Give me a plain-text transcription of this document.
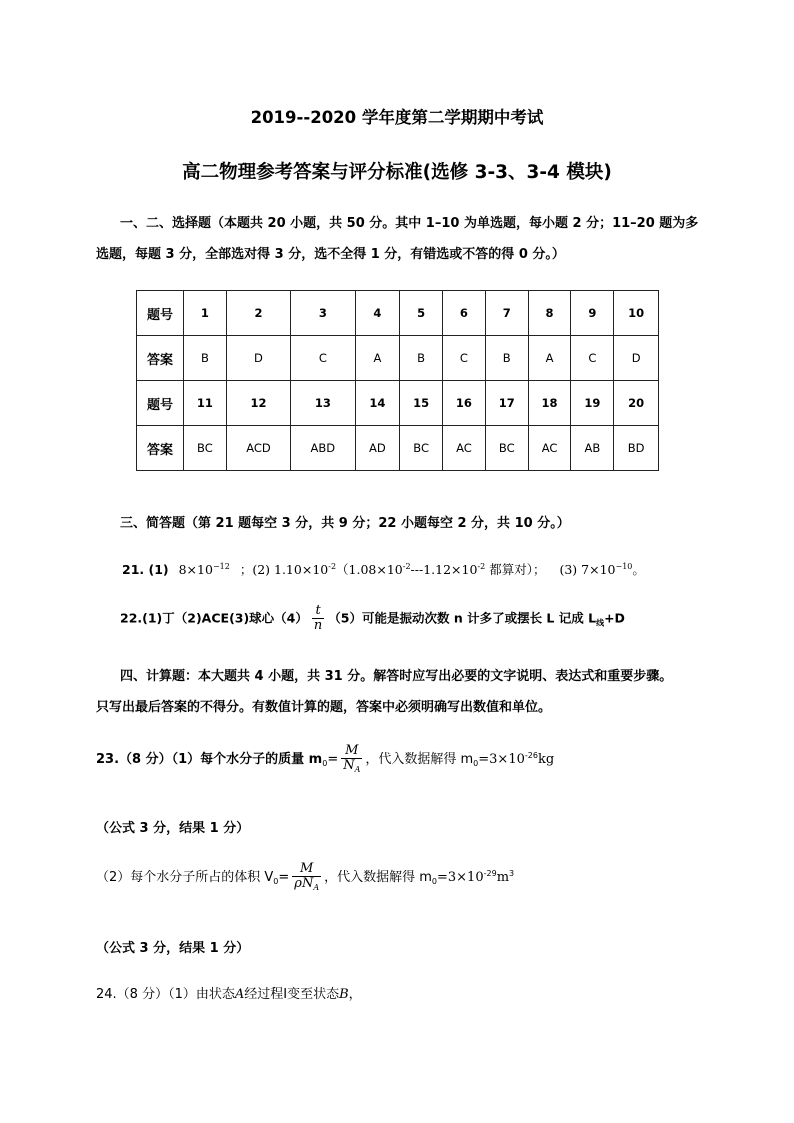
2019--2020 学年度第二学期期中考试
高二物理参考答案与评分标准(选修 3-3、3-4 模块)
一、二、选择题（本题共 20 小题，共 50 分。其中 1–10 为单选题，每小题 2 分；11–20 题为多
选题，每题 3 分，全部选对得 3 分，选不全得 1 分，有错选或不答的得 0 分。）
题号	1	2	3	4	5	6	7	8	9	10
答案	B	D	C	A	B	C	B	A	C	D
题号	11	12	13	14	15	16	17	18	19	20
答案	BC	ACD	ABD	AD	BC	AC	BC	AC	AB	BD
三、简答题（第 21 题每空 3 分，共 9 分；22 小题每空 2 分，共 10 分。）
21. (1) $8\times 10^{-12}$ ；(2) $1.10\times 10^{-2}(1.08\times 10^{-2}---1.12\times 10^{-2}$ 都算对）； (3) $7\times 10^{-10}$。
22.(1)丁（2)ACE(3)球心$(4) \frac{t}{n} (5)$可能是振动次数 n 计多了或摆长 L 记成 $L_线+D$
四、计算题：本大题共 4 小题，共 31 分。解答时应写出必要的文字说明、表达式和重要步骤。
只写出最后答案的不得分。有数值计算的题，答案中必须明确写出数值和单位。
23.（8 分）（1）每个水分子的质量 $m_0= \frac{M}{N_A}$ ，代入数据解得 $m_0=3\times 10^{-26}kg$
（公式 3 分，结果 1 分）
（2）每个水分子所占的体积 $V_0= \frac{M}{\rho N_A}$ ，代入数据解得 $m_0=3\times 10^{-29}m^3$
（公式 3 分，结果 1 分）
24.（8 分）（1）由状态A经过程Ⅰ变至状态B，
